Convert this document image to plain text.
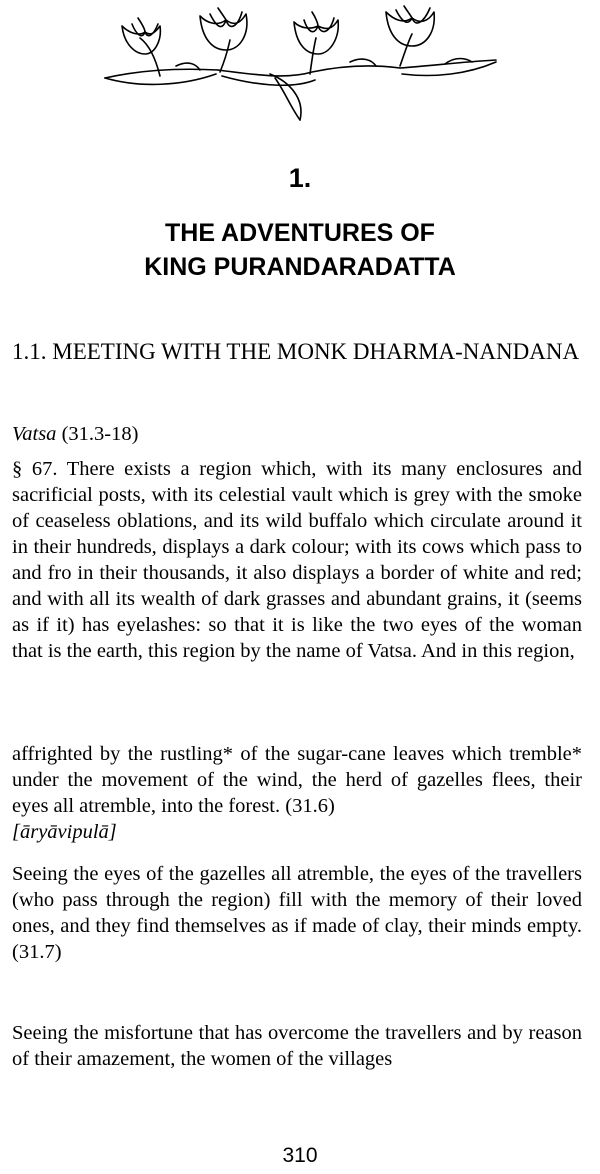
1.
THE ADVENTURES OF
KING PURANDARADATTA

1.1. MEETING WITH THE MONK DHARMA-NANDANA

Vatsa (31.3-18)

§ 67. There exists a region which, with its many enclosures and sacrificial posts, with its celestial vault which is grey with the smoke of ceaseless oblations, and its wild buffalo which circulate around it in their hundreds, displays a dark colour; with its cows which pass to and fro in their thousands, it also displays a border of white and red; and with all its wealth of dark grasses and abundant grains, it (seems as if it) has eyelashes: so that it is like the two eyes of the woman that is the earth, this region by the name of Vatsa. And in this region,

affrighted by the rustling* of the sugar-cane leaves which tremble* under the movement of the wind, the herd of gazelles flees, their eyes all atremble, into the forest. (31.6)
[āryāvipulā]

Seeing the eyes of the gazelles all atremble, the eyes of the travellers (who pass through the region) fill with the memory of their loved ones, and they find themselves as if made of clay, their minds empty. (31.7)

Seeing the misfortune that has overcome the travellers and by reason of their amazement, the women of the villages

310
